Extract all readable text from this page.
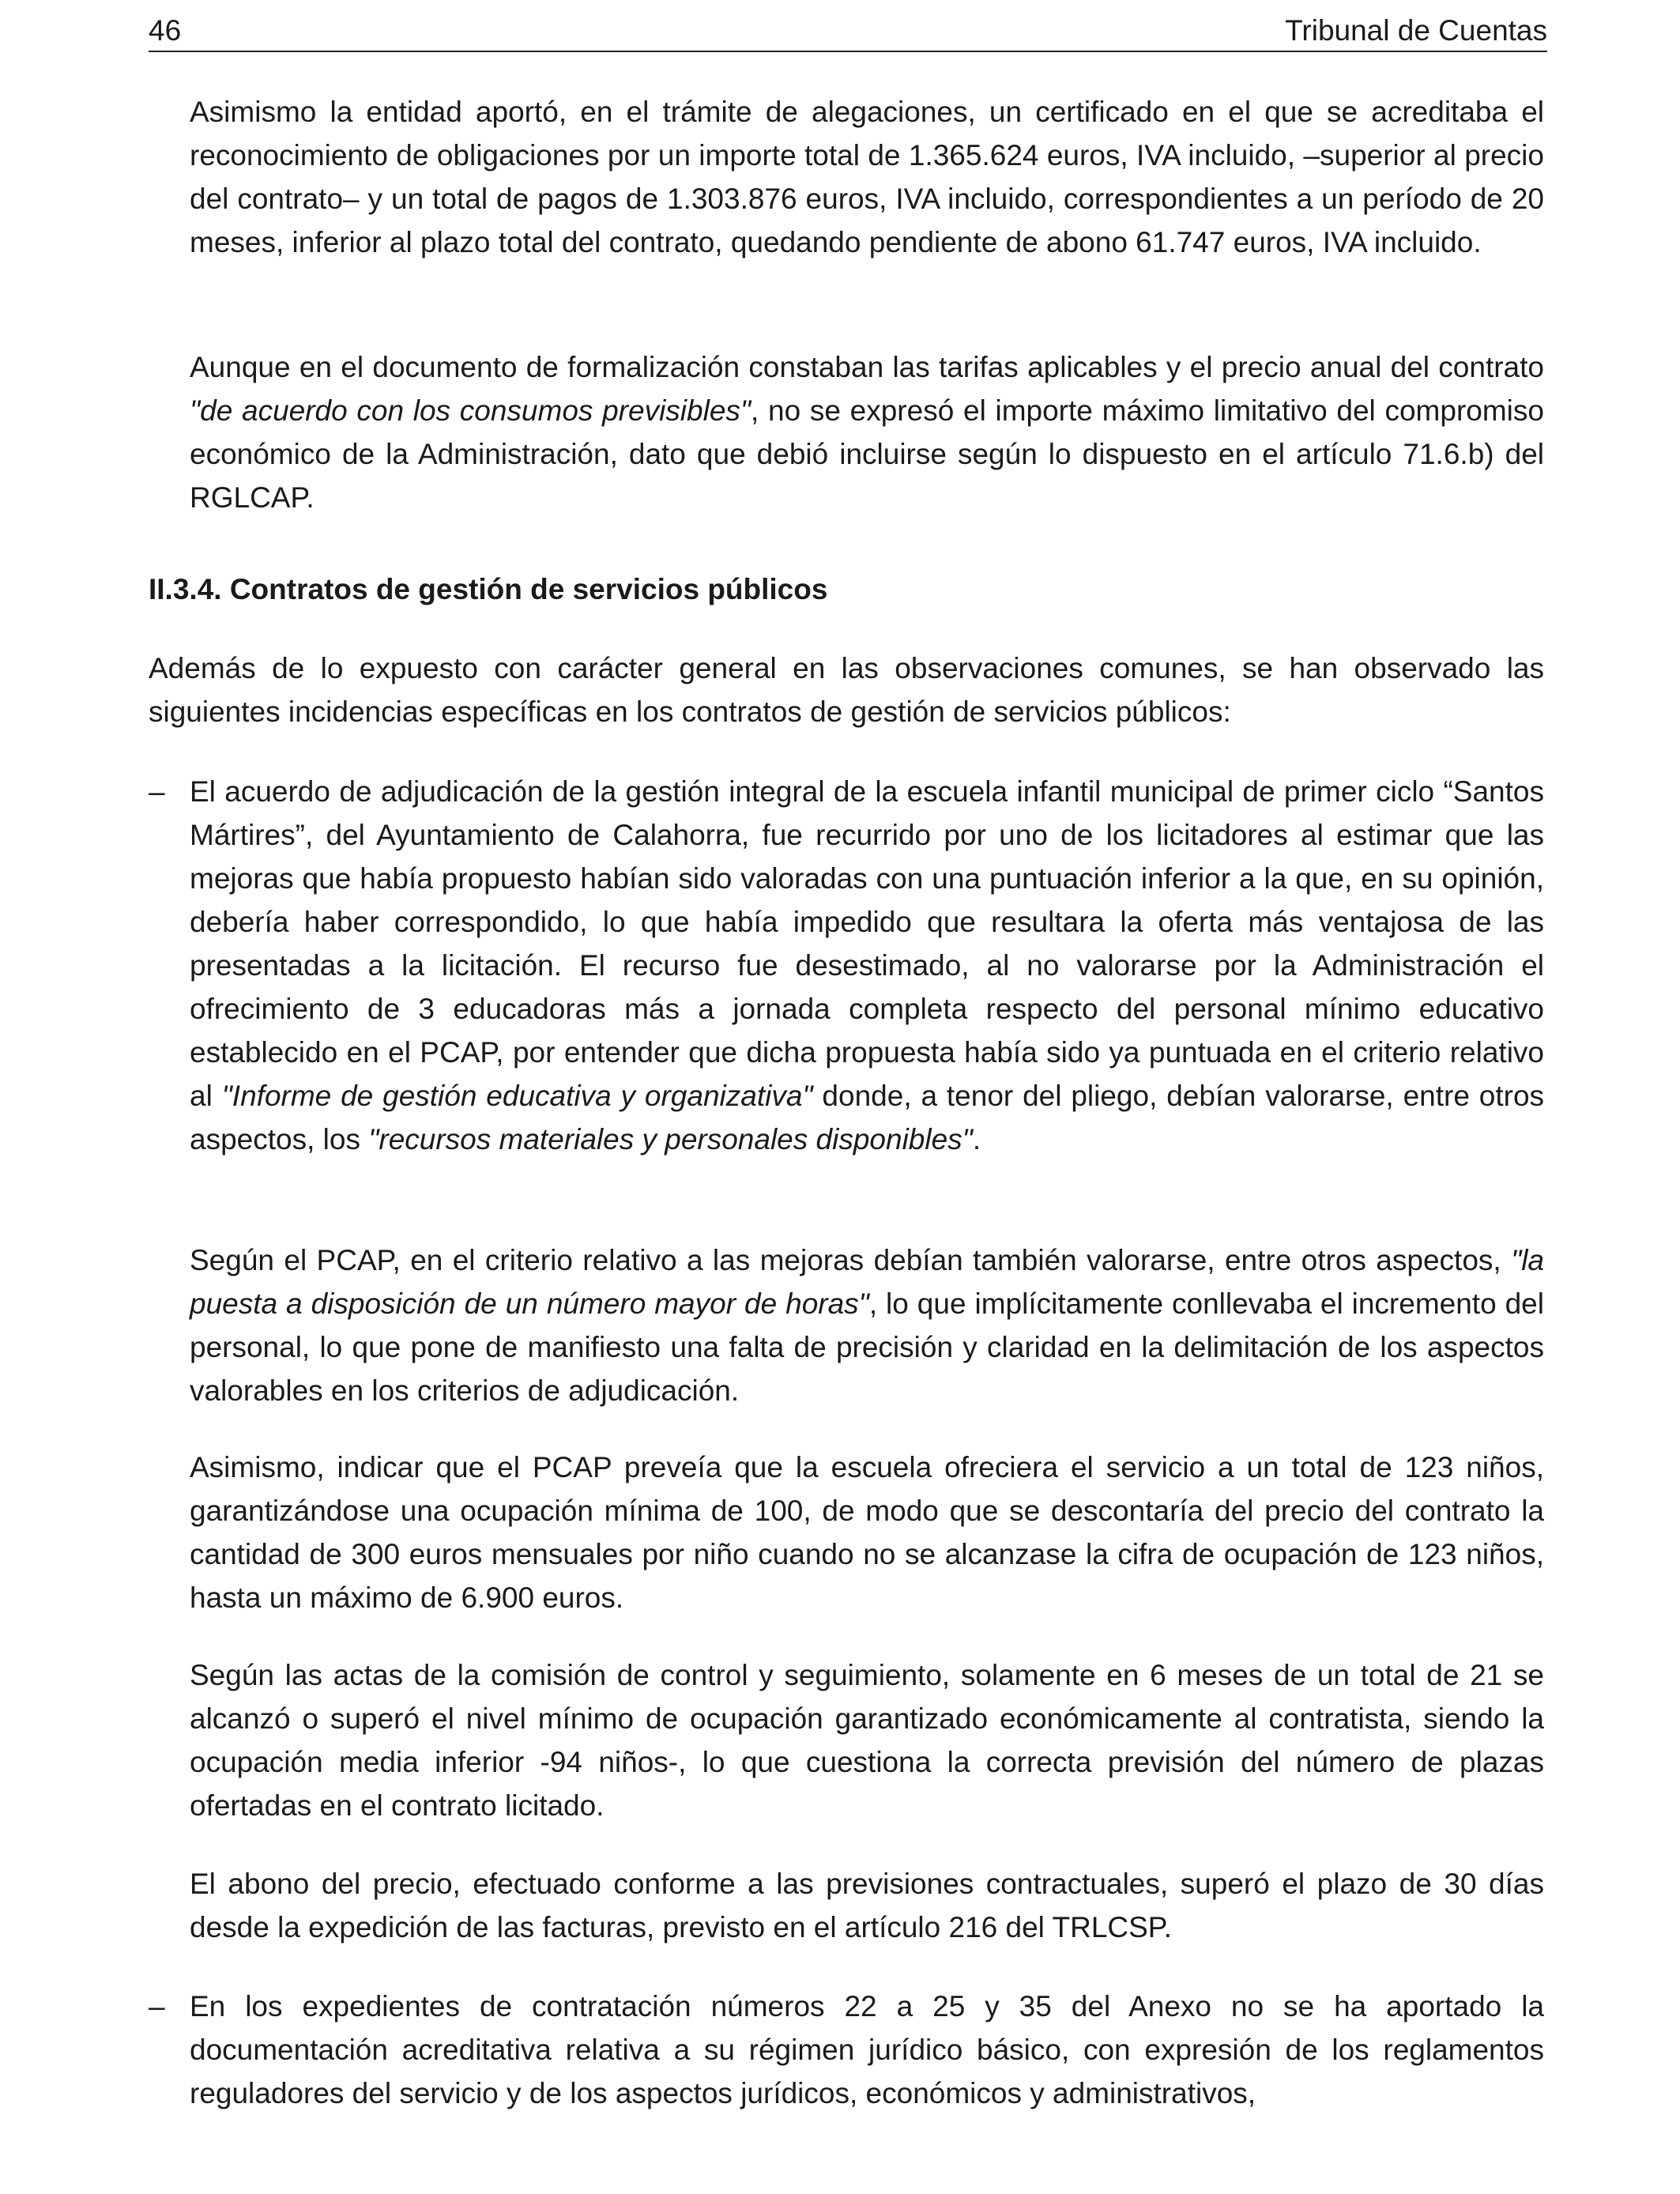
46	Tribunal de Cuentas
Asimismo la entidad aportó, en el trámite de alegaciones, un certificado en el que se acreditaba el reconocimiento de obligaciones por un importe total de 1.365.624 euros, IVA incluido, –superior al precio del contrato– y un total de pagos de 1.303.876 euros, IVA incluido, correspondientes a un período de 20 meses, inferior al plazo total del contrato, quedando pendiente de abono 61.747 euros, IVA incluido.
Aunque en el documento de formalización constaban las tarifas aplicables y el precio anual del contrato "de acuerdo con los consumos previsibles", no se expresó el importe máximo limitativo del compromiso económico de la Administración, dato que debió incluirse según lo dispuesto en el artículo 71.6.b) del RGLCAP.
II.3.4. Contratos de gestión de servicios públicos
Además de lo expuesto con carácter general en las observaciones comunes, se han observado las siguientes incidencias específicas en los contratos de gestión de servicios públicos:
– El acuerdo de adjudicación de la gestión integral de la escuela infantil municipal de primer ciclo “Santos Mártires”, del Ayuntamiento de Calahorra, fue recurrido por uno de los licitadores al estimar que las mejoras que había propuesto habían sido valoradas con una puntuación inferior a la que, en su opinión, debería haber correspondido, lo que había impedido que resultara la oferta más ventajosa de las presentadas a la licitación. El recurso fue desestimado, al no valorarse por la Administración el ofrecimiento de 3 educadoras más a jornada completa respecto del personal mínimo educativo establecido en el PCAP, por entender que dicha propuesta había sido ya puntuada en el criterio relativo al "Informe de gestión educativa y organizativa" donde, a tenor del pliego, debían valorarse, entre otros aspectos, los "recursos materiales y personales disponibles".
Según el PCAP, en el criterio relativo a las mejoras debían también valorarse, entre otros aspectos, "la puesta a disposición de un número mayor de horas", lo que implícitamente conllevaba el incremento del personal, lo que pone de manifiesto una falta de precisión y claridad en la delimitación de los aspectos valorables en los criterios de adjudicación.
Asimismo, indicar que el PCAP preveía que la escuela ofreciera el servicio a un total de 123 niños, garantizándose una ocupación mínima de 100, de modo que se descontaría del precio del contrato la cantidad de 300 euros mensuales por niño cuando no se alcanzase la cifra de ocupación de 123 niños, hasta un máximo de 6.900 euros.
Según las actas de la comisión de control y seguimiento, solamente en 6 meses de un total de 21 se alcanzó o superó el nivel mínimo de ocupación garantizado económicamente al contratista, siendo la ocupación media inferior -94 niños-, lo que cuestiona la correcta previsión del número de plazas ofertadas en el contrato licitado.
El abono del precio, efectuado conforme a las previsiones contractuales, superó el plazo de 30 días desde la expedición de las facturas, previsto en el artículo 216 del TRLCSP.
– En los expedientes de contratación números 22 a 25 y 35 del Anexo no se ha aportado la documentación acreditativa relativa a su régimen jurídico básico, con expresión de los reglamentos reguladores del servicio y de los aspectos jurídicos, económicos y administrativos,
